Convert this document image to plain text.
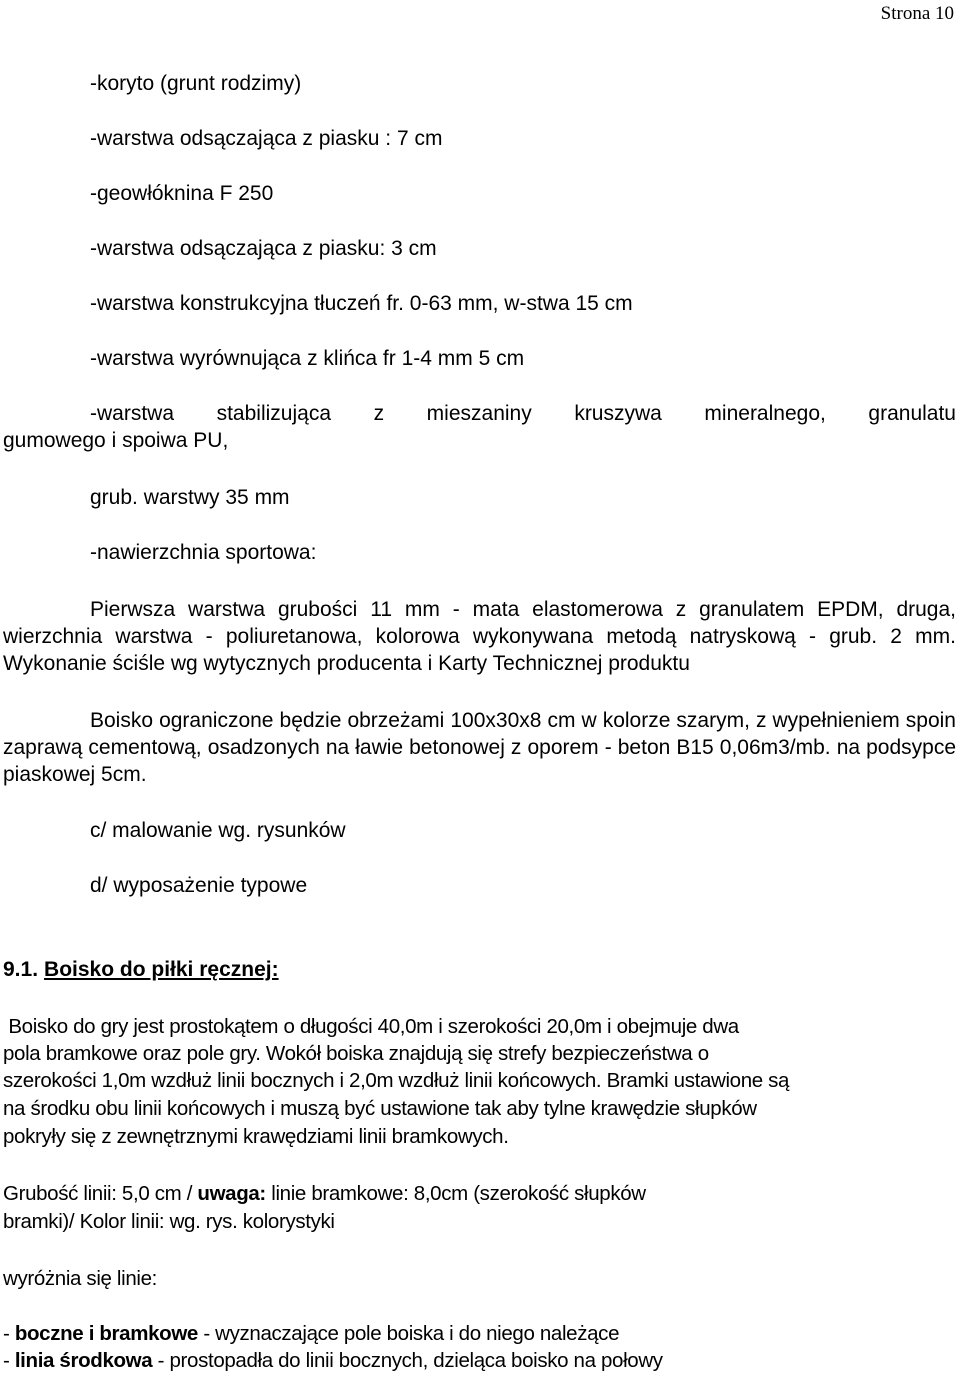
Strona 10
-koryto (grunt rodzimy)
-warstwa odsączająca z piasku : 7 cm
-geowłóknina F 250
-warstwa odsączająca z piasku: 3 cm
-warstwa konstrukcyjna tłuczeń fr. 0-63 mm, w-stwa 15 cm
-warstwa wyrównująca z klińca fr 1-4 mm 5 cm
-warstwa stabilizująca z mieszaniny kruszywa mineralnego, granulatu
gumowego i spoiwa PU,
grub. warstwy 35 mm
-nawierzchnia sportowa:
Pierwsza warstwa grubości 11 mm - mata elastomerowa z granulatem EPDM, druga, wierzchnia warstwa - poliuretanowa, kolorowa wykonywana metodą natryskową - grub. 2 mm. Wykonanie ściśle wg wytycznych producenta i Karty Technicznej produktu
Boisko ograniczone będzie obrzeżami 100x30x8 cm w kolorze szarym, z wypełnieniem spoin zaprawą cementową, osadzonych na ławie betonowej z oporem - beton B15 0,06m3/mb. na podsypce piaskowej 5cm.
c/ malowanie wg. rysunków
d/ wyposażenie typowe
9.1. Boisko do piłki ręcznej:
Boisko do gry jest prostokątem o długości 40,0m i szerokości 20,0m i obejmuje dwa
pola bramkowe oraz pole gry. Wokół boiska znajdują się strefy bezpieczeństwa o
szerokości 1,0m wzdłuż linii bocznych i 2,0m wzdłuż linii końcowych. Bramki ustawione są
na środku obu linii końcowych i muszą być ustawione tak aby tylne krawędzie słupków
pokryły się z zewnętrznymi krawędziami linii bramkowych.
Grubość linii: 5,0 cm / uwaga: linie bramkowe: 8,0cm (szerokość słupków
bramki)/ Kolor linii: wg. rys. kolorystyki
wyróżnia się linie:
- boczne i bramkowe - wyznaczające pole boiska i do niego należące
- linia środkowa - prostopadła do linii bocznych, dzieląca boisko na połowy
